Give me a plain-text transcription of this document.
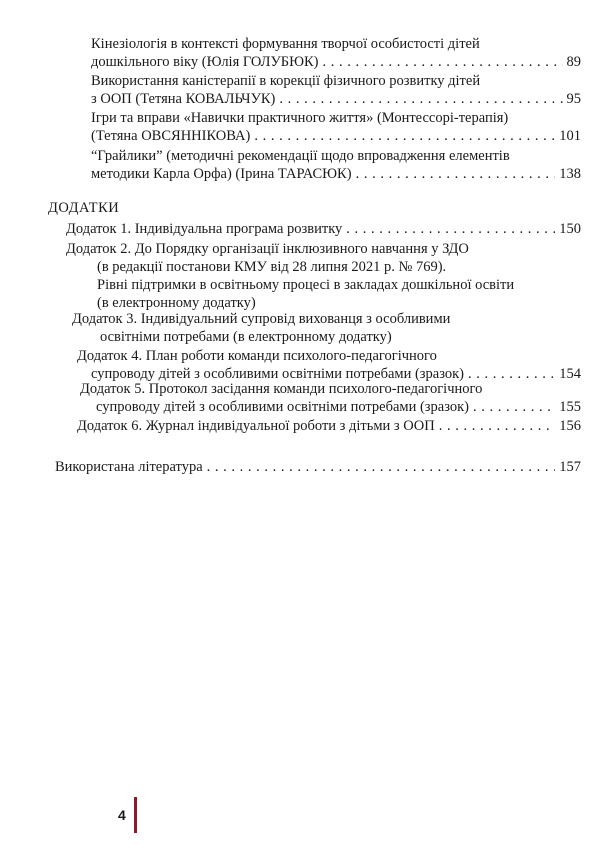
Кінезіологія в контексті формування творчої особистості дітей
дошкільного віку (Юлія ГОЛУБЮК) . . .	89
Використання каністерапії в корекції фізичного розвитку дітей
з ООП (Тетяна КОВАЛЬЧУК) . . .	95
Ігри та вправи «Навички практичного життя» (Монтессорі-терапія)
(Тетяна ОВСЯННІКОВА) . . .	101
“Грайлики” (методичні рекомендації щодо впровадження елементів
методики Карла Орфа) (Ірина ТАРАСЮК) . . .	138
ДОДАТКИ
Додаток 1. Індивідуальна програма розвитку . . .	150
Додаток 2. До Порядку організації інклюзивного навчання у ЗДО
(в редакції постанови КМУ від 28 липня 2021 р. № 769).
Рівні підтримки в освітньому процесі в закладах дошкільної освіти
(в електронному додатку)
Додаток 3. Індивідуальний супровід вихованця з особливими
освітніми потребами (в електронному додатку)
Додаток 4. План роботи команди психолого-педагогічного
супроводу дітей з особливими освітніми потребами (зразок) . . .	154
Додаток 5. Протокол засідання команди психолого-педагогічного
супроводу дітей з особливими освітніми потребами (зразок) . . .	155
Додаток 6. Журнал індивідуальної роботи з дітьми з ООП . . .	156
Використана література . . .	157
4
